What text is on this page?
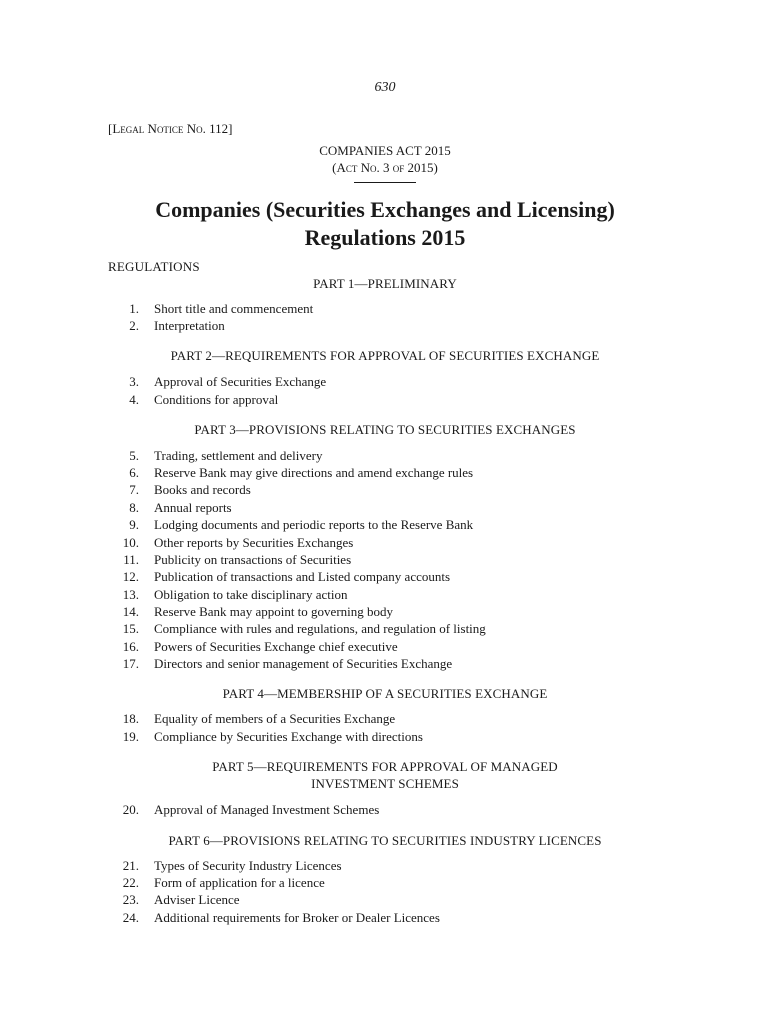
630
[Legal Notice No. 112]
COMPANIES ACT 2015
(Act No. 3 of 2015)
Companies (Securities Exchanges and Licensing)
Regulations 2015
REGULATIONS
PART 1—PRELIMINARY
1. Short title and commencement
2. Interpretation
PART 2—REQUIREMENTS FOR APPROVAL OF SECURITIES EXCHANGE
3. Approval of Securities Exchange
4. Conditions for approval
PART 3—PROVISIONS RELATING TO SECURITIES EXCHANGES
5. Trading, settlement and delivery
6. Reserve Bank may give directions and amend exchange rules
7. Books and records
8. Annual reports
9. Lodging documents and periodic reports to the Reserve Bank
10. Other reports by Securities Exchanges
11. Publicity on transactions of Securities
12. Publication of transactions and Listed company accounts
13. Obligation to take disciplinary action
14. Reserve Bank may appoint to governing body
15. Compliance with rules and regulations, and regulation of listing
16. Powers of Securities Exchange chief executive
17. Directors and senior management of Securities Exchange
PART 4—MEMBERSHIP OF A SECURITIES EXCHANGE
18. Equality of members of a Securities Exchange
19. Compliance by Securities Exchange with directions
PART 5—REQUIREMENTS FOR APPROVAL OF MANAGED
INVESTMENT SCHEMES
20. Approval of Managed Investment Schemes
PART 6—PROVISIONS RELATING TO SECURITIES INDUSTRY LICENCES
21. Types of Security Industry Licences
22. Form of application for a licence
23. Adviser Licence
24. Additional requirements for Broker or Dealer Licences
